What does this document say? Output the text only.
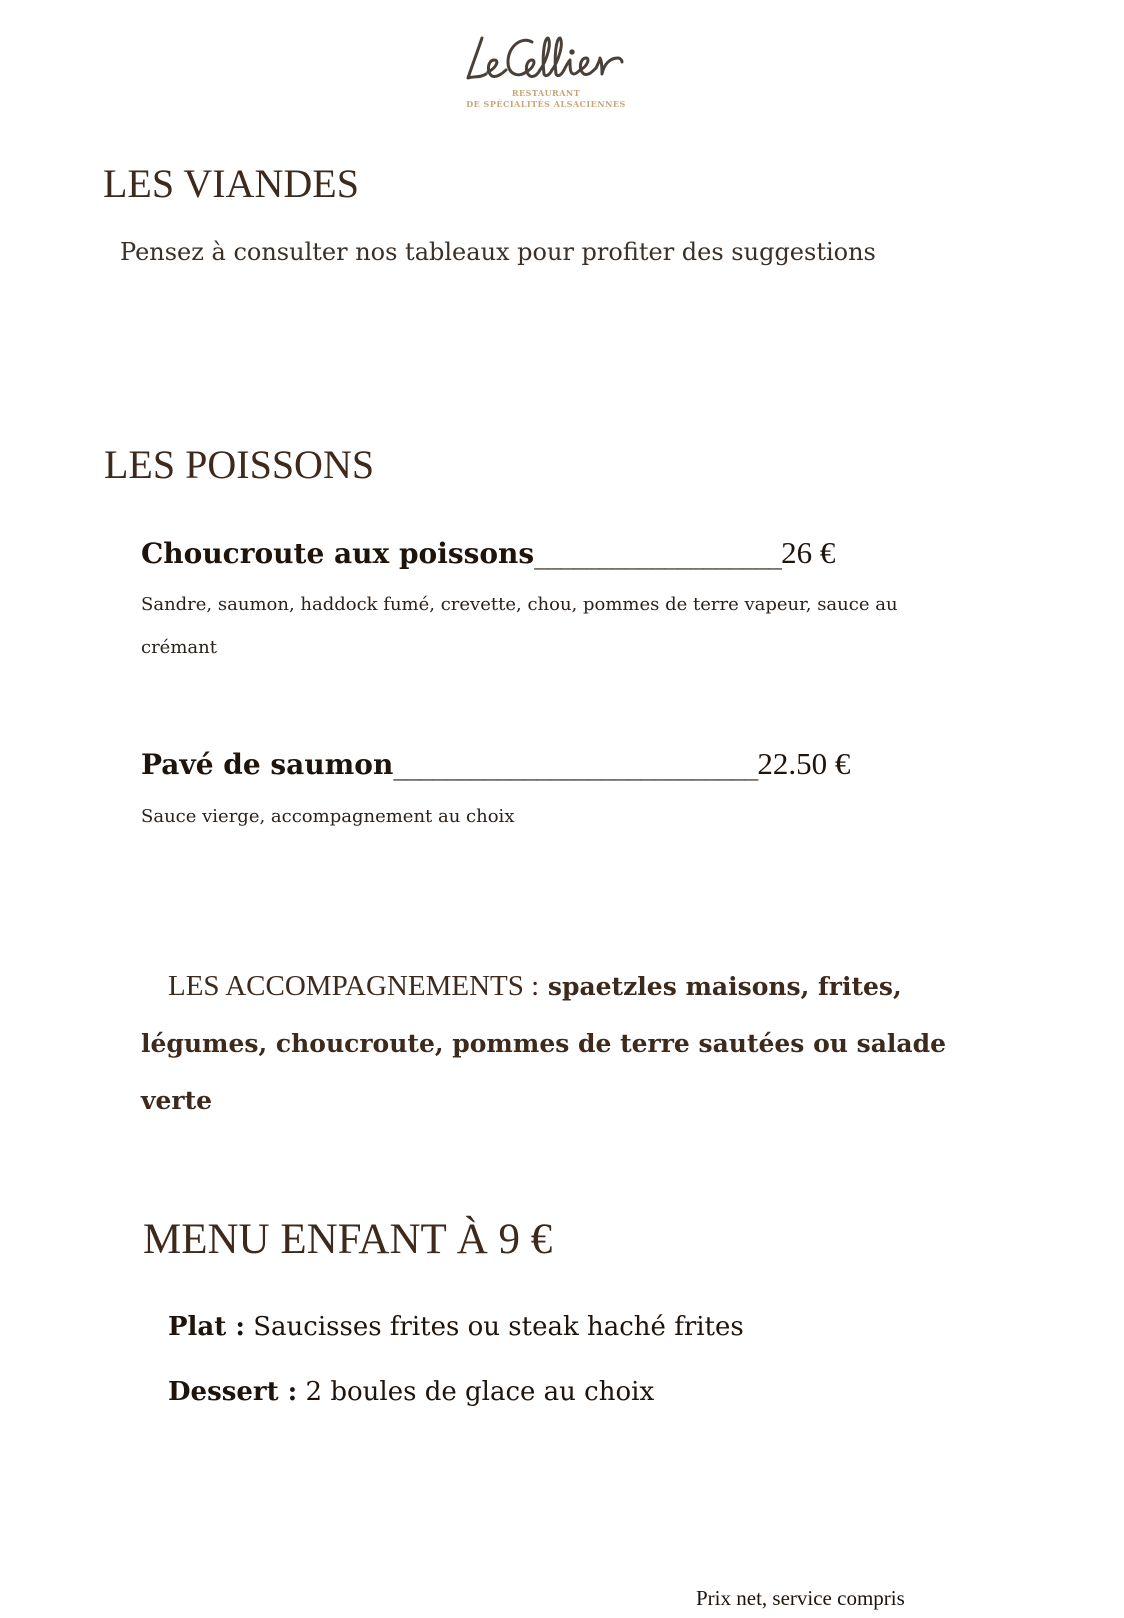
RESTAURANT
DE SPÉCIALITÉS ALSACIENNES
LES VIANDES
Pensez à consulter nos tableaux pour profiter des suggestions
LES POISSONS
Choucroute aux poissons___________________26 €
Sandre, saumon, haddock fumé, crevette, chou, pommes de terre vapeur, sauce au crémant
Pavé de saumon____________________________22.50 €
Sauce vierge, accompagnement au choix
LES ACCOMPAGNEMENTS : spaetzles maisons, frites, légumes, choucroute, pommes de terre sautées ou salade verte
MENU ENFANT À 9 €
Plat : Saucisses frites ou steak haché frites
Dessert : 2 boules de glace au choix
Prix net, service compris
